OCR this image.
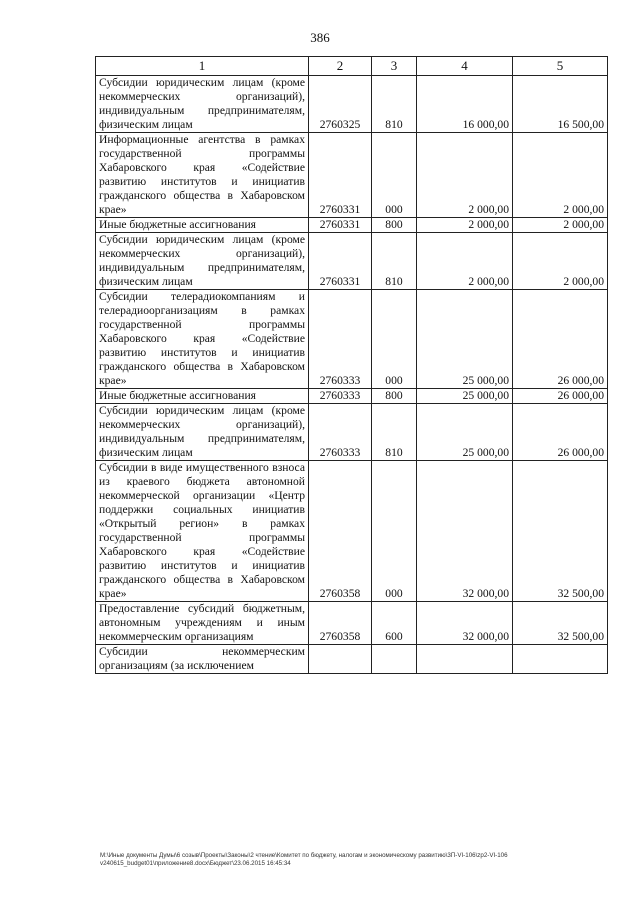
386
1	2	3	4	5
Субсидии юридическим лицам (кроме некоммерческих организаций), индивидуальным предпринимателям, физическим лицам	2760325	810	16 000,00	16 500,00
Информационные агентства в рамках государственной программы Хабаровского края «Содействие развитию институтов и инициатив гражданского общества в Хабаровском крае»	2760331	000	2 000,00	2 000,00
Иные бюджетные ассигнования	2760331	800	2 000,00	2 000,00
Субсидии юридическим лицам (кроме некоммерческих организаций), индивидуальным предпринимателям, физическим лицам	2760331	810	2 000,00	2 000,00
Субсидии телерадиокомпаниям и телерадиоорганизациям в рамках государственной программы Хабаровского края «Содействие развитию институтов и инициатив гражданского общества в Хабаровском крае»	2760333	000	25 000,00	26 000,00
Иные бюджетные ассигнования	2760333	800	25 000,00	26 000,00
Субсидии юридическим лицам (кроме некоммерческих организаций), индивидуальным предпринимателям, физическим лицам	2760333	810	25 000,00	26 000,00
Субсидии в виде имущественного взноса из краевого бюджета автономной некоммерческой организации «Центр поддержки социальных инициатив «Открытый регион» в рамках государственной программы Хабаровского края «Содействие развитию институтов и инициатив гражданского общества в Хабаровском крае»	2760358	000	32 000,00	32 500,00
Предоставление субсидий бюджетным, автономным учреждениям и иным некоммерческим организациям	2760358	600	32 000,00	32 500,00
Субсидии некоммерческим организациям (за исключением				
М:\Иные документы Думы\6 созыв\Проекты\Законы\2 чтение\Комитет по бюджету, налогам и экономическому развитию\3П-VI-106\zp2-VI-106 v240615_budget01\приложение8.docx\Бюджет\23.06.2015 16:45:34
